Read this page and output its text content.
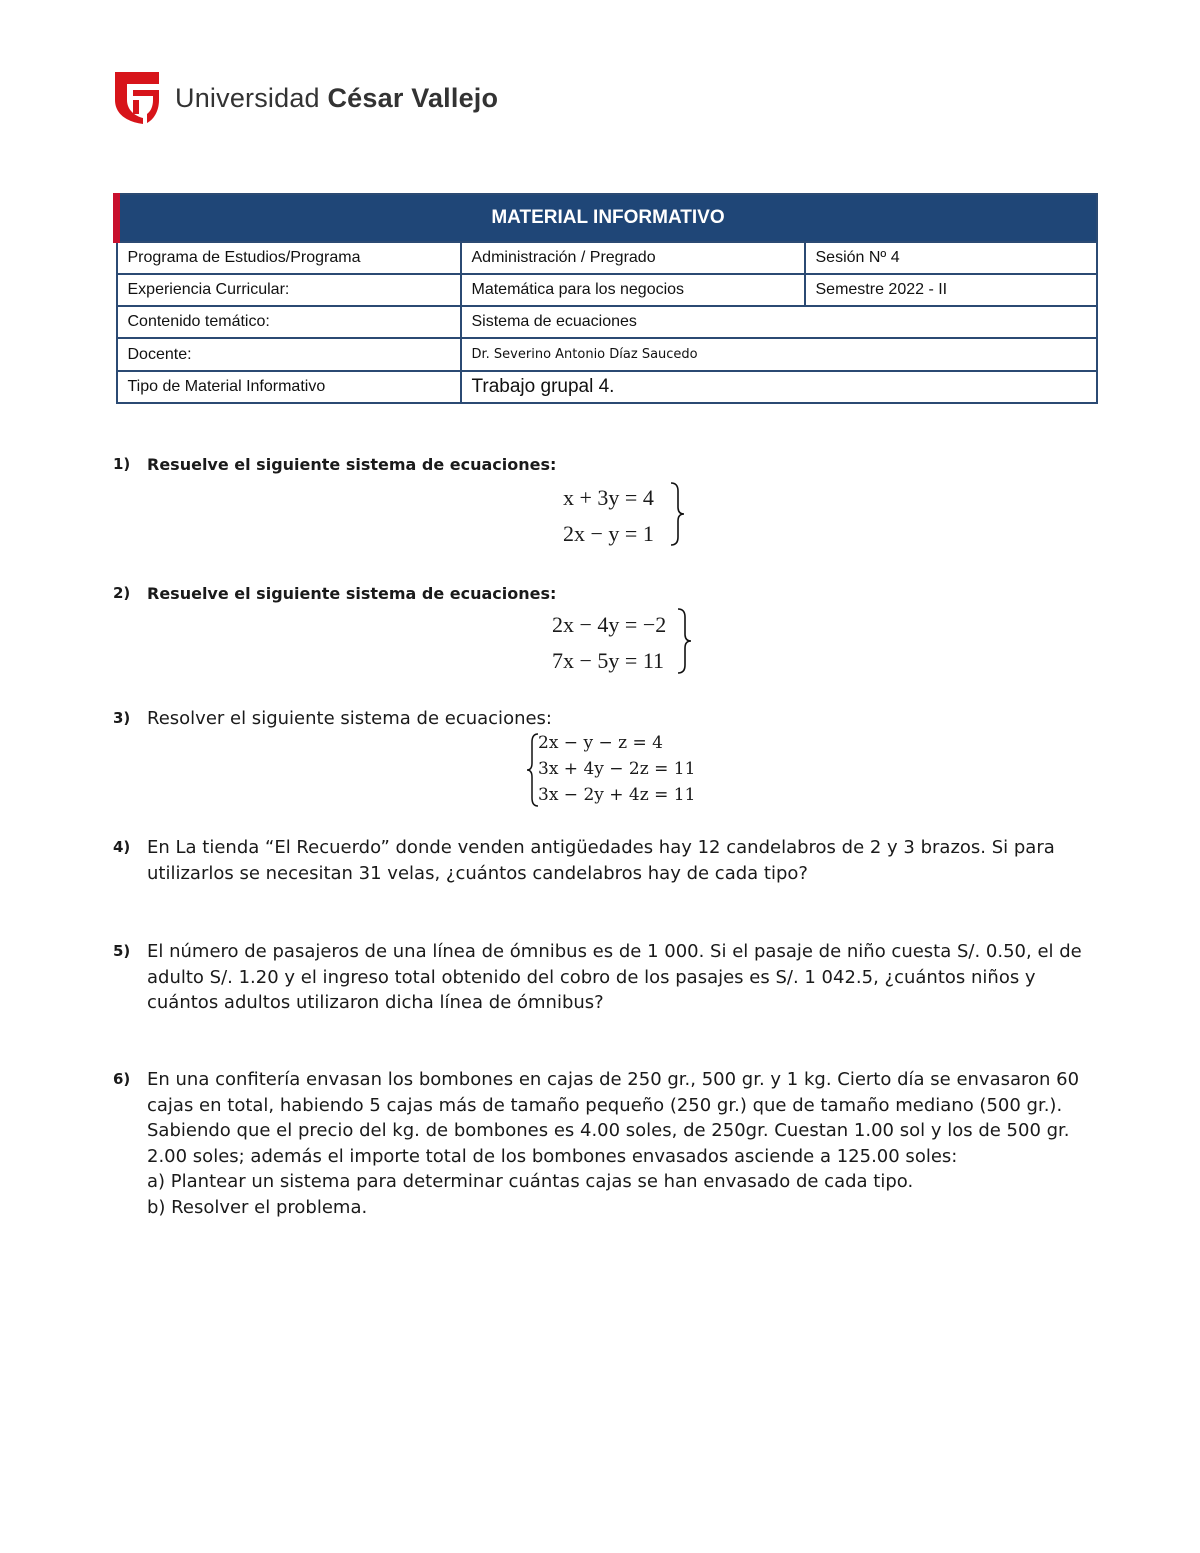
Universidad César Vallejo
MATERIAL INFORMATIVO		
Programa de Estudios/Programa	Administración / Pregrado	Sesión Nº 4
Experiencia Curricular:	Matemática para los negocios	Semestre 2022 - II
Contenido temático:	Sistema de ecuaciones	
Docente:	Dr. Severino Antonio Díaz Saucedo	
Tipo de Material Informativo	Trabajo grupal 4.	
1) Resuelve el siguiente sistema de ecuaciones:
x + 3y = 4
2x − y = 1
2) Resuelve el siguiente sistema de ecuaciones:
2x − 4y = −2
7x − 5y = 11
3) Resolver el siguiente sistema de ecuaciones:
2x − y − z = 4
3x + 4y − 2z = 11
3x − 2y + 4z = 11
4) En La tienda “El Recuerdo” donde venden antigüedades hay 12 candelabros de 2 y 3 brazos. Si para utilizarlos se necesitan 31 velas, ¿cuántos candelabros hay de cada tipo?
5) El número de pasajeros de una línea de ómnibus es de 1 000. Si el pasaje de niño cuesta S/. 0.50, el de adulto S/. 1.20 y el ingreso total obtenido del cobro de los pasajes es S/. 1 042.5, ¿cuántos niños y cuántos adultos utilizaron dicha línea de ómnibus?
6) En una confitería envasan los bombones en cajas de 250 gr., 500 gr. y 1 kg. Cierto día se envasaron 60 cajas en total, habiendo 5 cajas más de tamaño pequeño (250 gr.) que de tamaño mediano (500 gr.). Sabiendo que el precio del kg. de bombones es 4.00 soles, de 250gr. Cuestan 1.00 sol y los de 500 gr. 2.00 soles; además el importe total de los bombones envasados asciende a 125.00 soles:
a) Plantear un sistema para determinar cuántas cajas se han envasado de cada tipo.
b) Resolver el problema.
